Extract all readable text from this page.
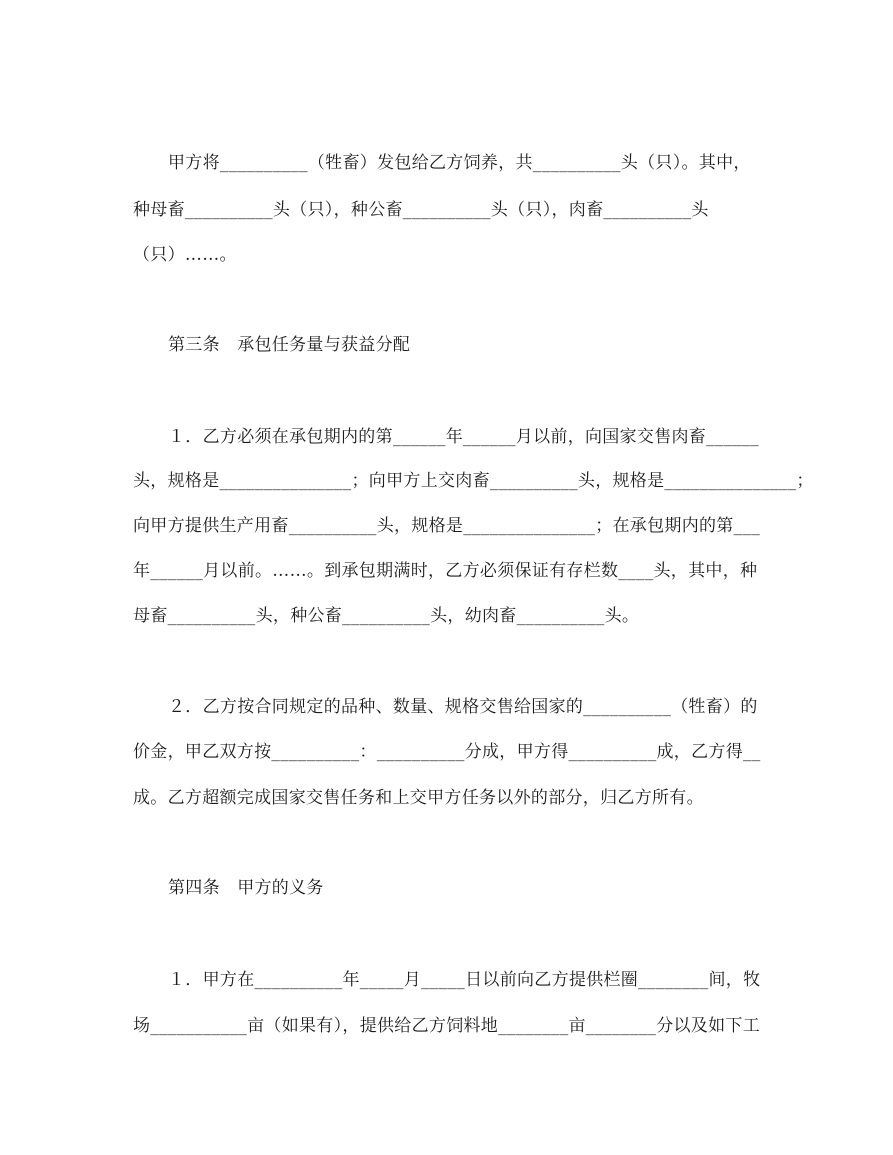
甲方将__________（牲畜）发包给乙方饲养，共__________头（只）。其中，
种母畜__________头（只），种公畜__________头（只），肉畜__________头
（只）……。
第三条　承包任务量与获益分配
１．乙方必须在承包期内的第______年______月以前，向国家交售肉畜______
头，规格是_______________；向甲方上交肉畜__________头，规格是_______________；
向甲方提供生产用畜__________头，规格是_______________；在承包期内的第___
年______月以前。……。到承包期满时，乙方必须保证有存栏数____头，其中，种
母畜__________头，种公畜__________头，幼肉畜__________头。
２．乙方按合同规定的品种、数量、规格交售给国家的__________（牲畜）的
价金，甲乙双方按__________：__________分成，甲方得__________成，乙方得__
成。乙方超额完成国家交售任务和上交甲方任务以外的部分，归乙方所有。
第四条　甲方的义务
１．甲方在__________年_____月_____日以前向乙方提供栏圈________间，牧
场___________亩（如果有），提供给乙方饲料地________亩________分以及如下工
